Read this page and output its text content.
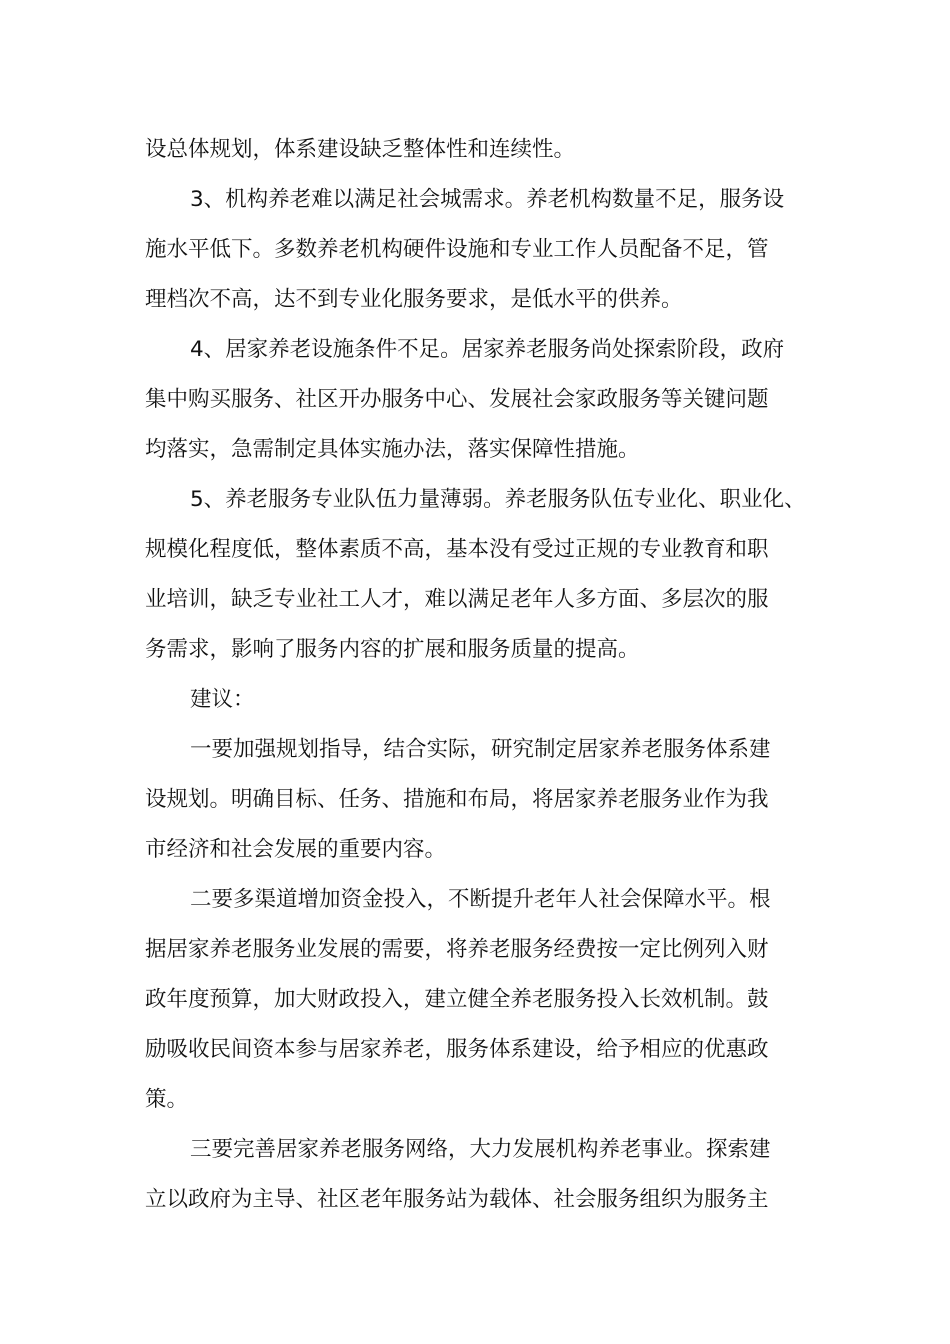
设总体规划，体系建设缺乏整体性和连续性。
3、机构养老难以满足社会城需求。养老机构数量不足，服务设
施水平低下。多数养老机构硬件设施和专业工作人员配备不足，管
理档次不高，达不到专业化服务要求，是低水平的供养。
4、居家养老设施条件不足。居家养老服务尚处探索阶段，政府
集中购买服务、社区开办服务中心、发展社会家政服务等关键问题
均落实，急需制定具体实施办法，落实保障性措施。
5、养老服务专业队伍力量薄弱。养老服务队伍专业化、职业化、
规模化程度低，整体素质不高，基本没有受过正规的专业教育和职
业培训，缺乏专业社工人才，难以满足老年人多方面、多层次的服
务需求，影响了服务内容的扩展和服务质量的提高。
建议：
一要加强规划指导，结合实际，研究制定居家养老服务体系建
设规划。明确目标、任务、措施和布局，将居家养老服务业作为我
市经济和社会发展的重要内容。
二要多渠道增加资金投入，不断提升老年人社会保障水平。根
据居家养老服务业发展的需要，将养老服务经费按一定比例列入财
政年度预算，加大财政投入，建立健全养老服务投入长效机制。鼓
励吸收民间资本参与居家养老，服务体系建设，给予相应的优惠政
策。
三要完善居家养老服务网络，大力发展机构养老事业。探索建
立以政府为主导、社区老年服务站为载体、社会服务组织为服务主
